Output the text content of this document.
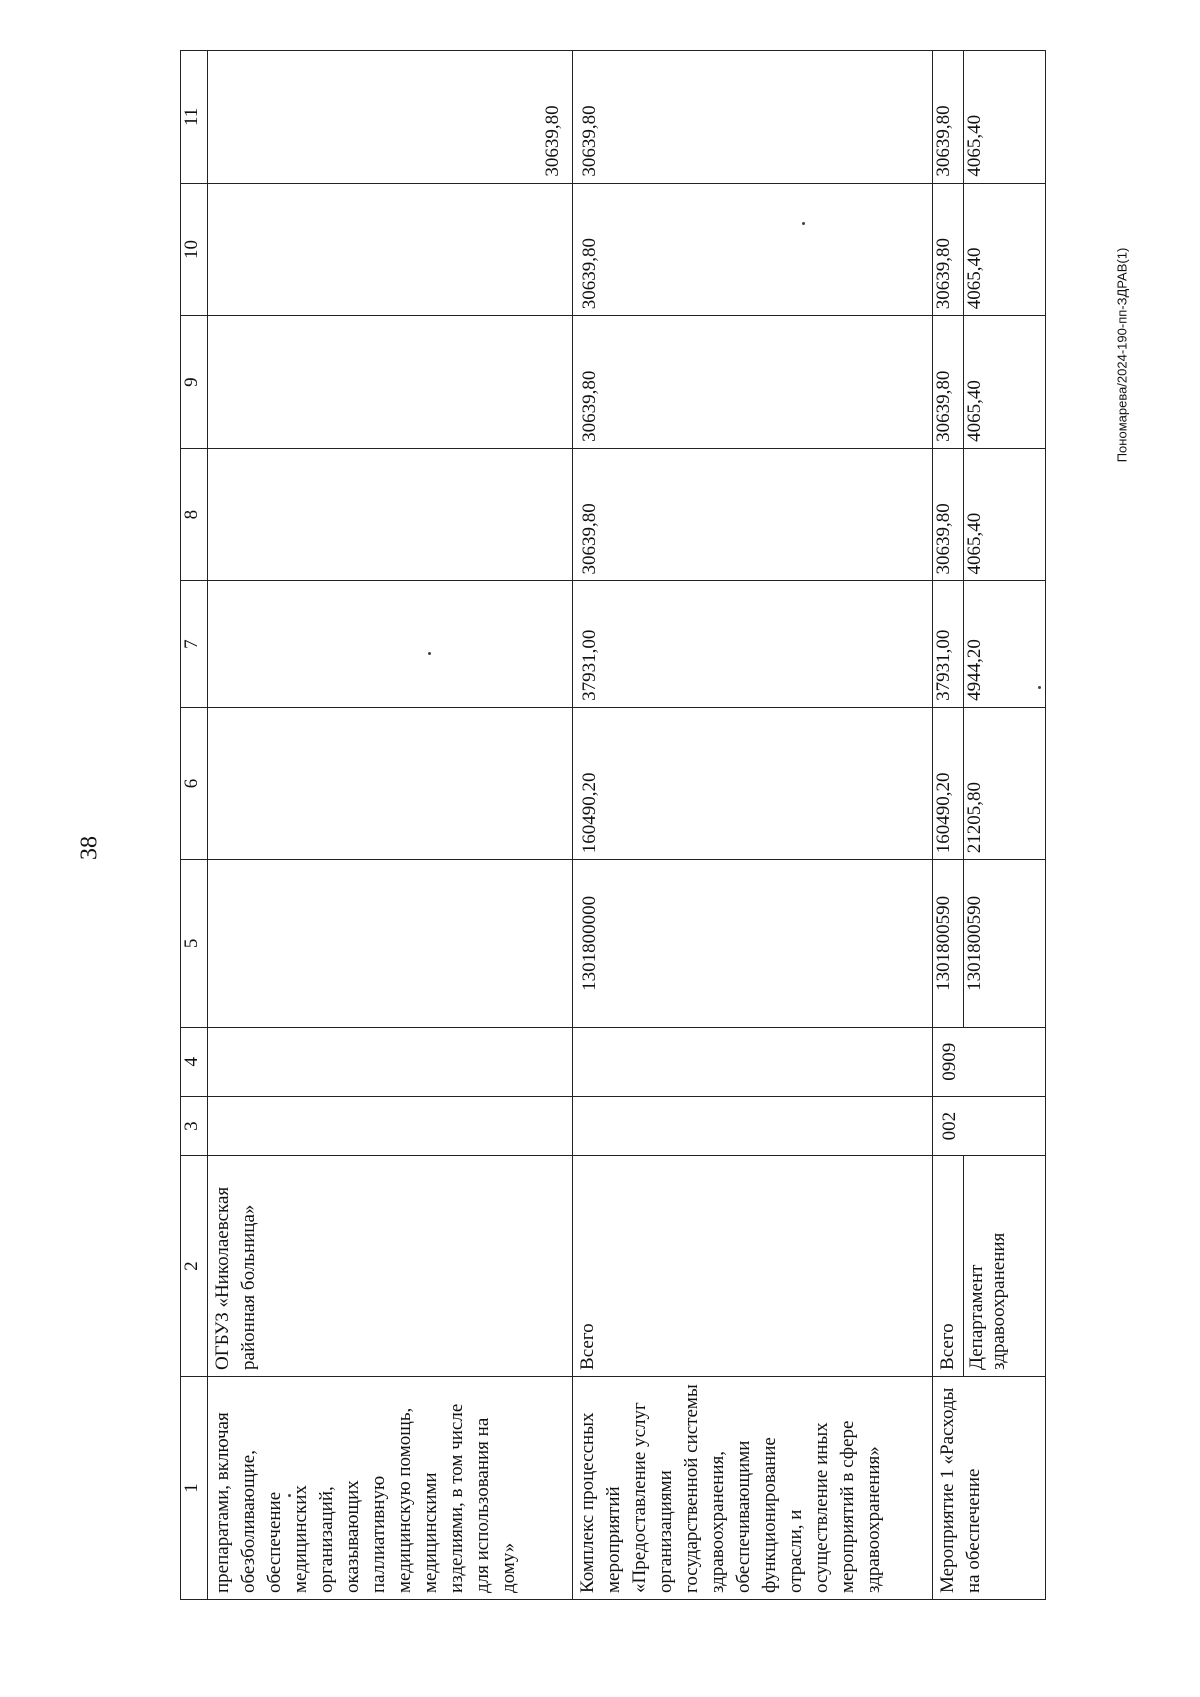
38
Пономарева/2024-190-пп-ЗДРАВ(1)
1	2	3	4	5	6	7	8	9	10	11
препаратами, включая обезболивающие, обеспечение медицинских организаций, оказывающих паллиативную медицинскую помощь, медицинскими изделиями, в том числе для использования на дому»	ОГБУЗ «Николаевская районная больница»									30639,80
Комплекс процессных мероприятий «Предоставление услуг организациями государственной системы здравоохранения, обеспечивающими функционирование отрасли, и осуществление иных мероприятий в сфере здравоохранения»	Всего			1301800000	160490,20	37931,00	30639,80	30639,80	30639,80	30639,80
Мероприятие 1 «Расходы на обеспечение	Всего	002	0909	1301800590	160490,20	37931,00	30639,80	30639,80	30639,80	30639,80
	Департамент здравоохранения			1301800590	21205,80	4944,20	4065,40	4065,40	4065,40	4065,40
